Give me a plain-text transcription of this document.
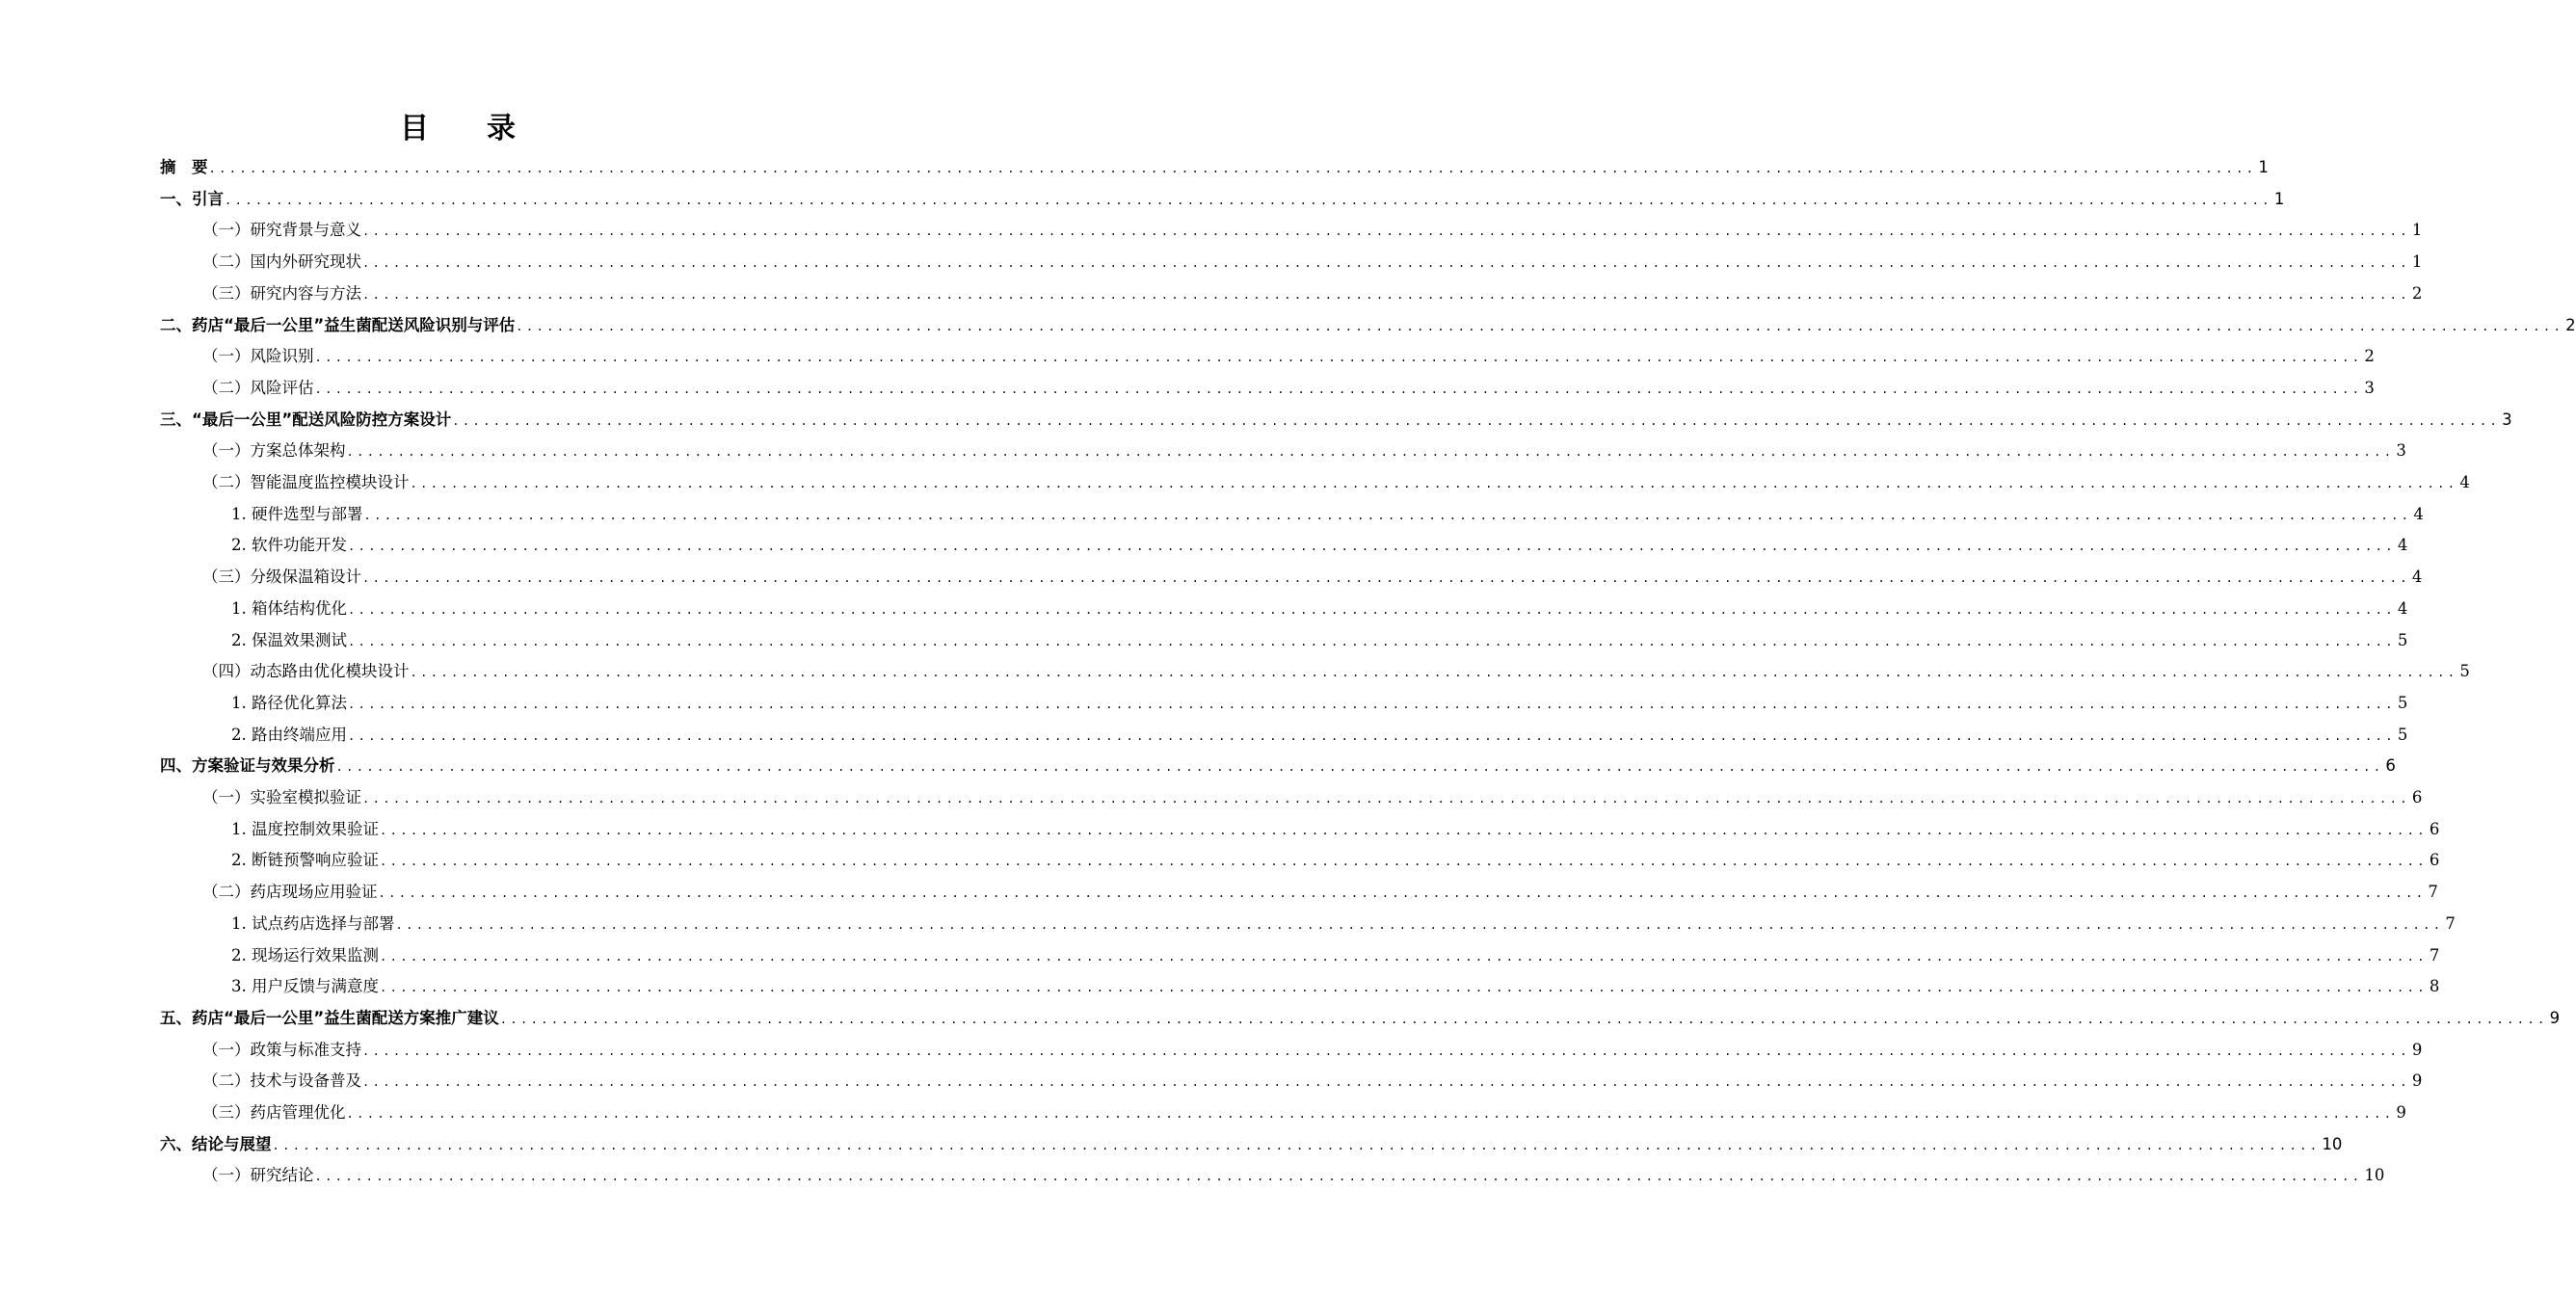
目　　录
摘　要 ........................................................................................................................................................................................................ 1
一、引言 ........................................................................................................................................................................................................ 1
（一）研究背景与意义 ........................................................................................................................................................................................................ 1
（二）国内外研究现状 ........................................................................................................................................................................................................ 1
（三）研究内容与方法 ........................................................................................................................................................................................................ 2
二、药店“最后一公里”益生菌配送风险识别与评估 ........................................................................................................................................................................................................ 2
（一）风险识别 ........................................................................................................................................................................................................ 2
（二）风险评估 ........................................................................................................................................................................................................ 3
三、“最后一公里”配送风险防控方案设计 ........................................................................................................................................................................................................ 3
（一）方案总体架构 ........................................................................................................................................................................................................ 3
（二）智能温度监控模块设计 ........................................................................................................................................................................................................ 4
1. 硬件选型与部署 ........................................................................................................................................................................................................ 4
2. 软件功能开发 ........................................................................................................................................................................................................ 4
（三）分级保温箱设计 ........................................................................................................................................................................................................ 4
1. 箱体结构优化 ........................................................................................................................................................................................................ 4
2. 保温效果测试 ........................................................................................................................................................................................................ 5
（四）动态路由优化模块设计 ........................................................................................................................................................................................................ 5
1. 路径优化算法 ........................................................................................................................................................................................................ 5
2. 路由终端应用 ........................................................................................................................................................................................................ 5
四、方案验证与效果分析 ........................................................................................................................................................................................................ 6
（一）实验室模拟验证 ........................................................................................................................................................................................................ 6
1. 温度控制效果验证 ........................................................................................................................................................................................................ 6
2. 断链预警响应验证 ........................................................................................................................................................................................................ 6
（二）药店现场应用验证 ........................................................................................................................................................................................................ 7
1. 试点药店选择与部署 ........................................................................................................................................................................................................ 7
2. 现场运行效果监测 ........................................................................................................................................................................................................ 7
3. 用户反馈与满意度 ........................................................................................................................................................................................................ 8
五、药店“最后一公里”益生菌配送方案推广建议 ........................................................................................................................................................................................................ 9
（一）政策与标准支持 ........................................................................................................................................................................................................ 9
（二）技术与设备普及 ........................................................................................................................................................................................................ 9
（三）药店管理优化 ........................................................................................................................................................................................................ 9
六、结论与展望 ........................................................................................................................................................................................................ 10
（一）研究结论 ........................................................................................................................................................................................................ 10
